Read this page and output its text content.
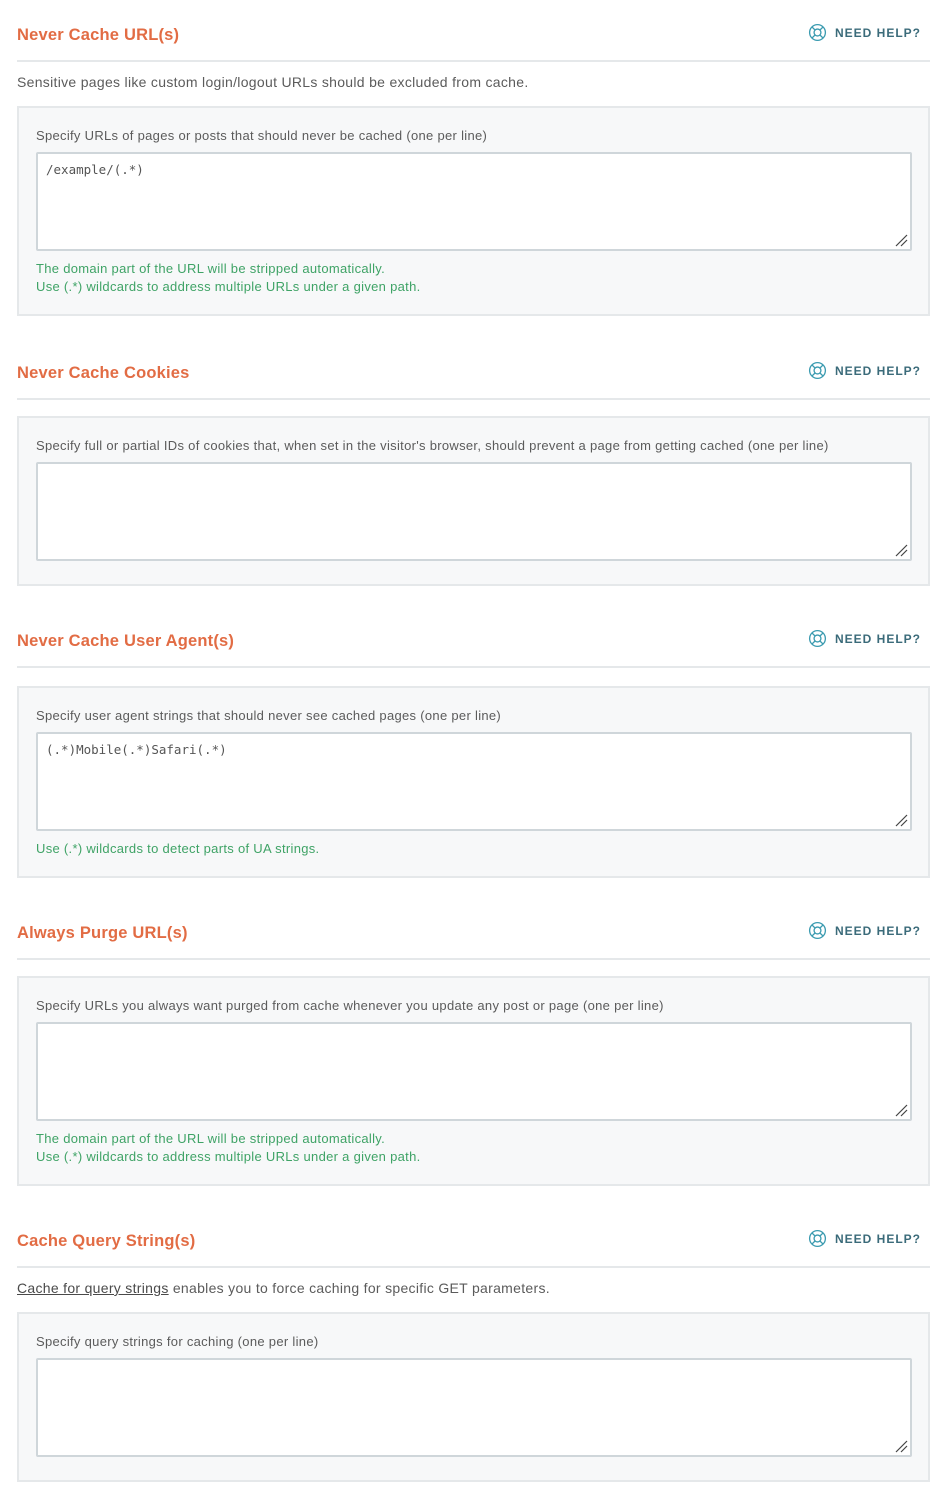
Never Cache URL(s)	NEED HELP?
Sensitive pages like custom login/logout URLs should be excluded from cache.
Specify URLs of pages or posts that should never be cached (one per line)
/example/(.*)
The domain part of the URL will be stripped automatically.
Use (.*) wildcards to address multiple URLs under a given path.
Never Cache Cookies	NEED HELP?
Specify full or partial IDs of cookies that, when set in the visitor's browser, should prevent a page from getting cached (one per line)
Never Cache User Agent(s)	NEED HELP?
Specify user agent strings that should never see cached pages (one per line)
(.*)Mobile(.*)Safari(.*)
Use (.*) wildcards to detect parts of UA strings.
Always Purge URL(s)	NEED HELP?
Specify URLs you always want purged from cache whenever you update any post or page (one per line)
The domain part of the URL will be stripped automatically.
Use (.*) wildcards to address multiple URLs under a given path.
Cache Query String(s)	NEED HELP?
Cache for query strings enables you to force caching for specific GET parameters.
Specify query strings for caching (one per line)
